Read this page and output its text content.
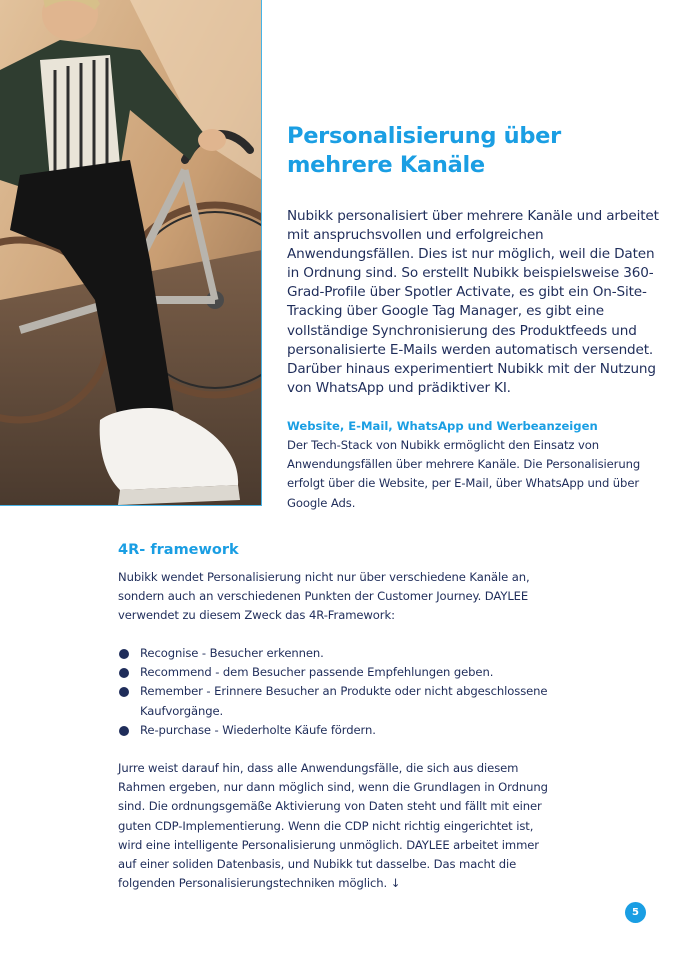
Personalisierung über mehrere Kanäle

Nubikk personalisiert über mehrere Kanäle und arbeitet mit anspruchsvollen und erfolgreichen Anwendungsfällen. Dies ist nur möglich, weil die Daten in Ordnung sind. So erstellt Nubikk beispielsweise 360-Grad-Profile über Spotler Activate, es gibt ein On-Site-Tracking über Google Tag Manager, es gibt eine vollständige Synchronisierung des Produktfeeds und personalisierte E-Mails werden automatisch versendet. Darüber hinaus experimentiert Nubikk mit der Nutzung von WhatsApp und prädiktiver KI.

Website, E-Mail, WhatsApp und Werbeanzeigen

Der Tech-Stack von Nubikk ermöglicht den Einsatz von Anwendungsfällen über mehrere Kanäle. Die Personalisierung erfolgt über die Website, per E-Mail, über WhatsApp und über Google Ads.

4R- framework

Nubikk wendet Personalisierung nicht nur über verschiedene Kanäle an, sondern auch an verschiedenen Punkten der Customer Journey. DAYLEE verwendet zu diesem Zweck das 4R-Framework:

Recognise - Besucher erkennen.
Recommend - dem Besucher passende Empfehlungen geben.
Remember - Erinnere Besucher an Produkte oder nicht abgeschlossene Kaufvorgänge.
Re-purchase - Wiederholte Käufe fördern.

Jurre weist darauf hin, dass alle Anwendungsfälle, die sich aus diesem Rahmen ergeben, nur dann möglich sind, wenn die Grundlagen in Ordnung sind. Die ordnungsgemäße Aktivierung von Daten steht und fällt mit einer guten CDP-Implementierung. Wenn die CDP nicht richtig eingerichtet ist, wird eine intelligente Personalisierung unmöglich. DAYLEE arbeitet immer auf einer soliden Datenbasis, und Nubikk tut dasselbe. Das macht die folgenden Personalisierungstechniken möglich. ↓

5
